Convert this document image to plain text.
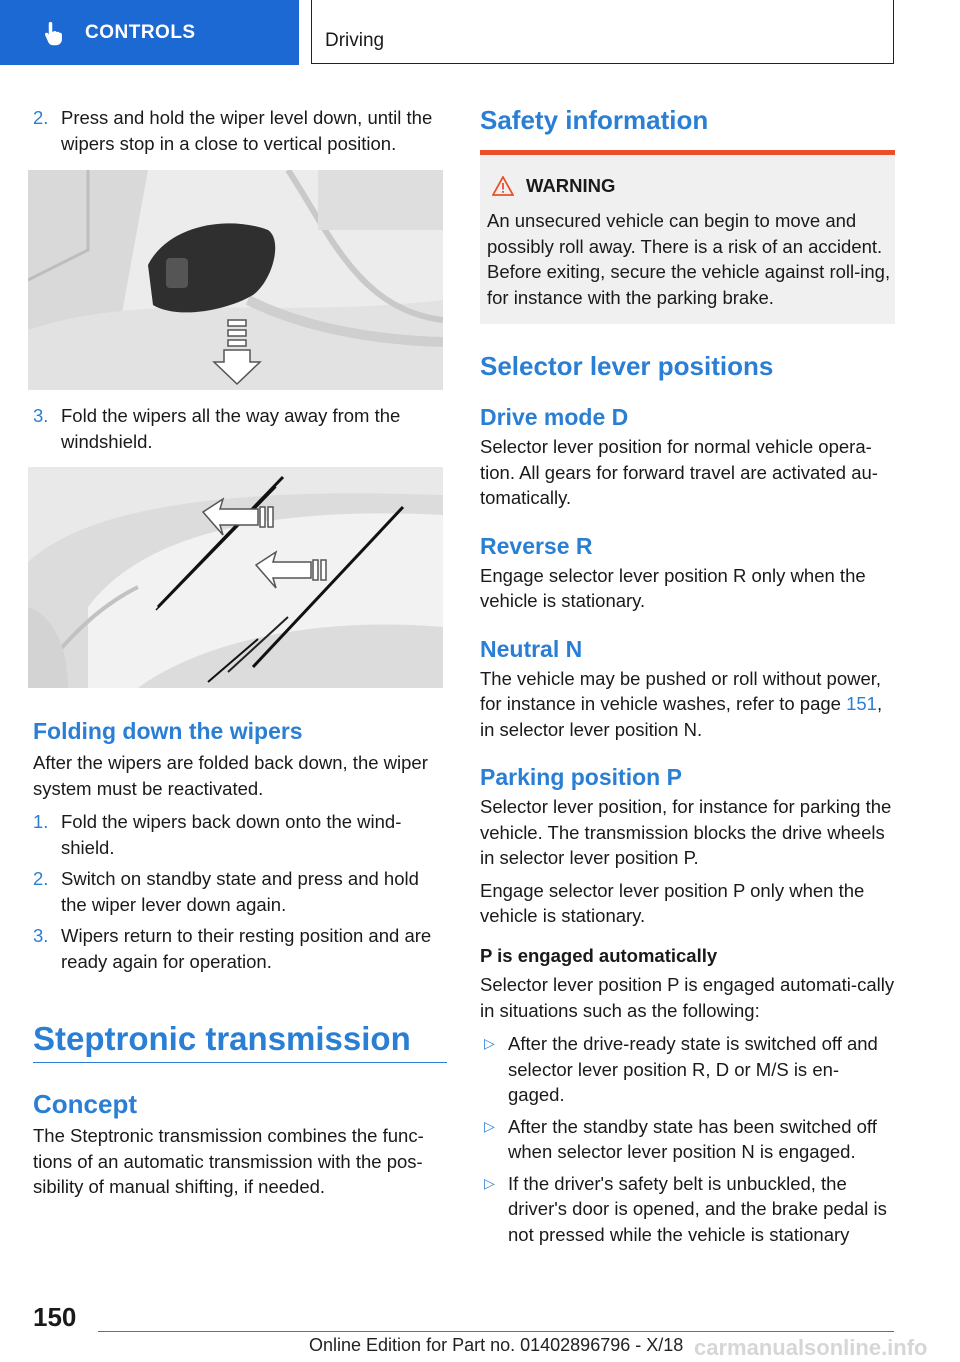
CONTROLS	Driving

2. Press and hold the wiper level down, until the wipers stop in a close to vertical position.

3. Fold the wipers all the way away from the windshield.

Folding down the wipers
After the wipers are folded back down, the wiper system must be reactivated.

1. Fold the wipers back down onto the wind‐shield.

2. Switch on standby state and press and hold the wiper lever down again.

3. Wipers return to their resting position and are ready again for operation.

Steptronic transmission
Concept
The Steptronic transmission combines the func‐tions of an automatic transmission with the pos‐sibility of manual shifting, if needed.
Safety information
WARNING
An unsecured vehicle can begin to move and possibly roll away. There is a risk of an accident. Before exiting, secure the vehicle against roll‐ing, for instance with the parking brake.
Selector lever positions
Drive mode D
Selector lever position for normal vehicle opera‐tion. All gears for forward travel are activated au‐tomatically.
Reverse R
Engage selector lever position R only when the vehicle is stationary.
Neutral N
The vehicle may be pushed or roll without power, for instance in vehicle washes, refer to page 151, in selector lever position N.
Parking position P
Selector lever position, for instance for parking the vehicle. The transmission blocks the drive wheels in selector lever position P.
Engage selector lever position P only when the vehicle is stationary.
P is engaged automatically
Selector lever position P is engaged automati‐cally in situations such as the following:
▷ After the drive-ready state is switched off and selector lever position R, D or M/S is en‐gaged.
▷ After the standby state has been switched off when selector lever position N is engaged.
▷ If the driver's safety belt is unbuckled, the driver's door is opened, and the brake pedal is not pressed while the vehicle is stationary
150
Online Edition for Part no. 01402896796 - X/18 carmanualsonline.info
